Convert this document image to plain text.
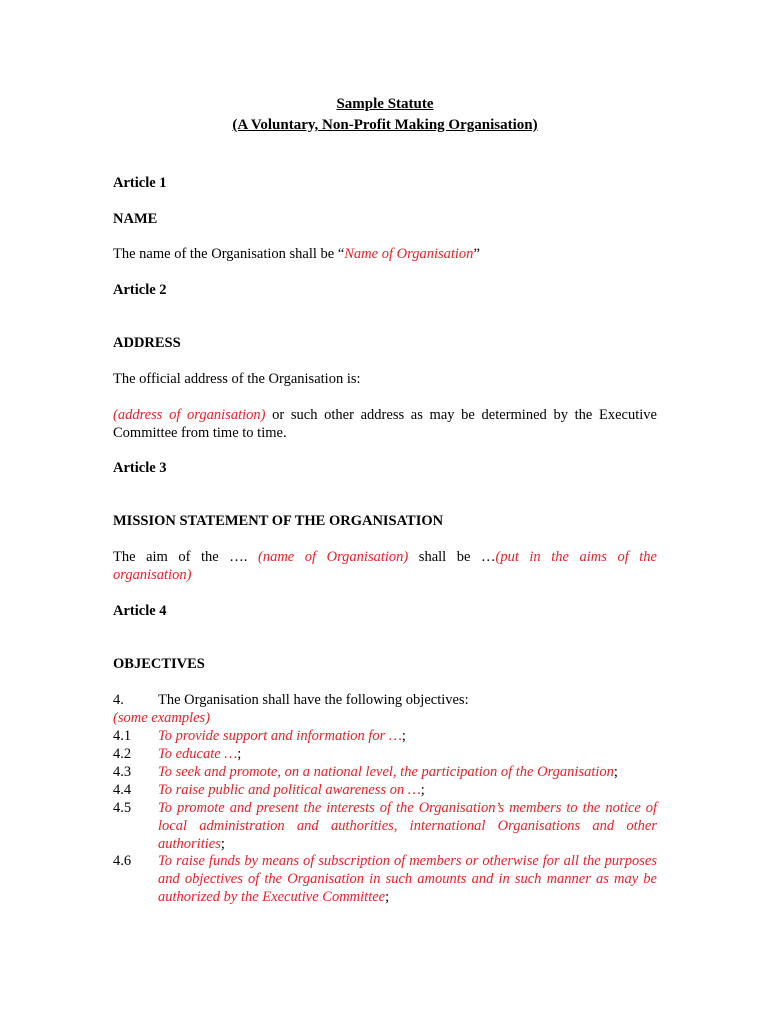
Sample Statute
(A Voluntary, Non-Profit Making Organisation)
Article 1
NAME
The name of the Organisation shall be “Name of Organisation”
Article 2
ADDRESS
The official address of the Organisation is:
(address of organisation) or such other address as may be determined by the Executive
Committee from time to time.
Article 3
MISSION STATEMENT OF THE ORGANISATION
The aim of the …. (name of Organisation) shall be …(put in the aims of the
organisation)
Article 4
OBJECTIVES
4.	The Organisation shall have the following objectives:
(some examples)
4.1	To provide support and information for …;
4.2	To educate …;
4.3	To seek and promote, on a national level, the participation of the Organisation;
4.4	To raise public and political awareness on …;
4.5	To promote and present the interests of the Organisation’s members to the notice of local administration and authorities, international Organisations and other authorities;
4.6	To raise funds by means of subscription of members or otherwise for all the purposes and objectives of the Organisation in such amounts and in such manner as may be authorized by the Executive Committee;
